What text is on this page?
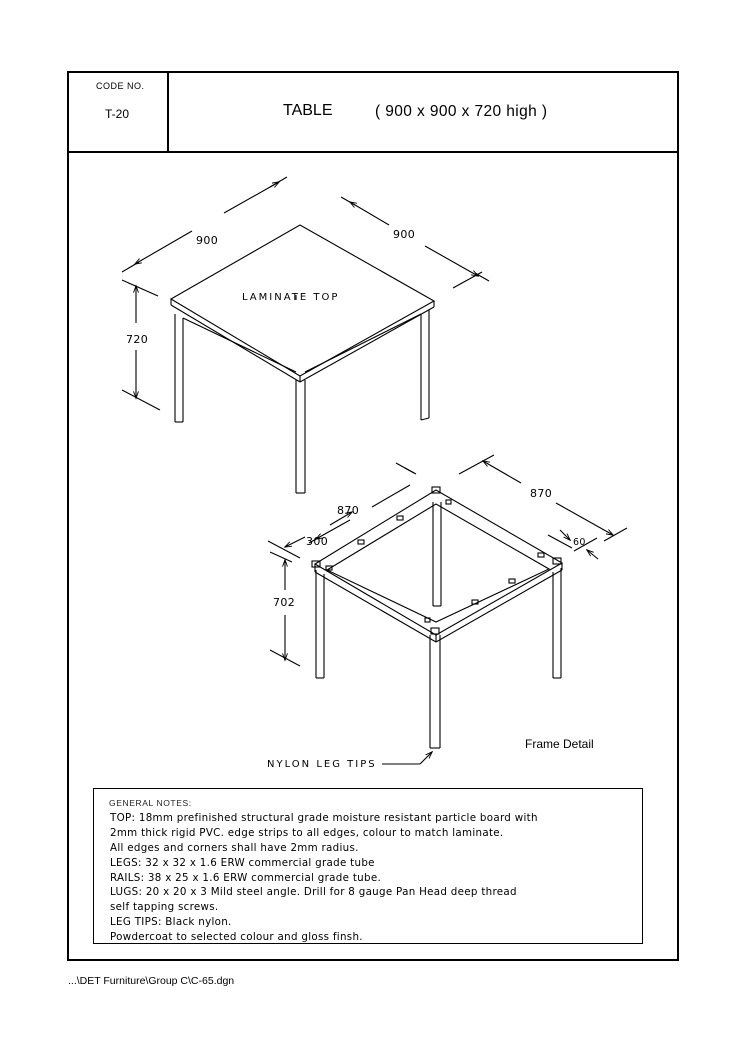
CODE NO.
T-20	TABLE	( 900 x 900 x 720 high )
900	900
720
LAMINATE TOP
870
870
300	60
702
NYLON LEG TIPS
Frame Detail
GENERAL NOTES:
TOP: 18mm prefinished structural grade moisture resistant particle board with
2mm thick rigid PVC. edge strips to all edges, colour to match laminate.
All edges and corners shall have 2mm radius.
LEGS: 32 x 32 x 1.6 ERW commercial grade tube
RAILS: 38 x 25 x 1.6 ERW commercial grade tube.
LUGS: 20 x 20 x 3 Mild steel angle. Drill for 8 gauge Pan Head deep thread
self tapping screws.
LEG TIPS: Black nylon.
Powdercoat to selected colour and gloss finsh.
...\DET Furniture\Group C\C-65.dgn
